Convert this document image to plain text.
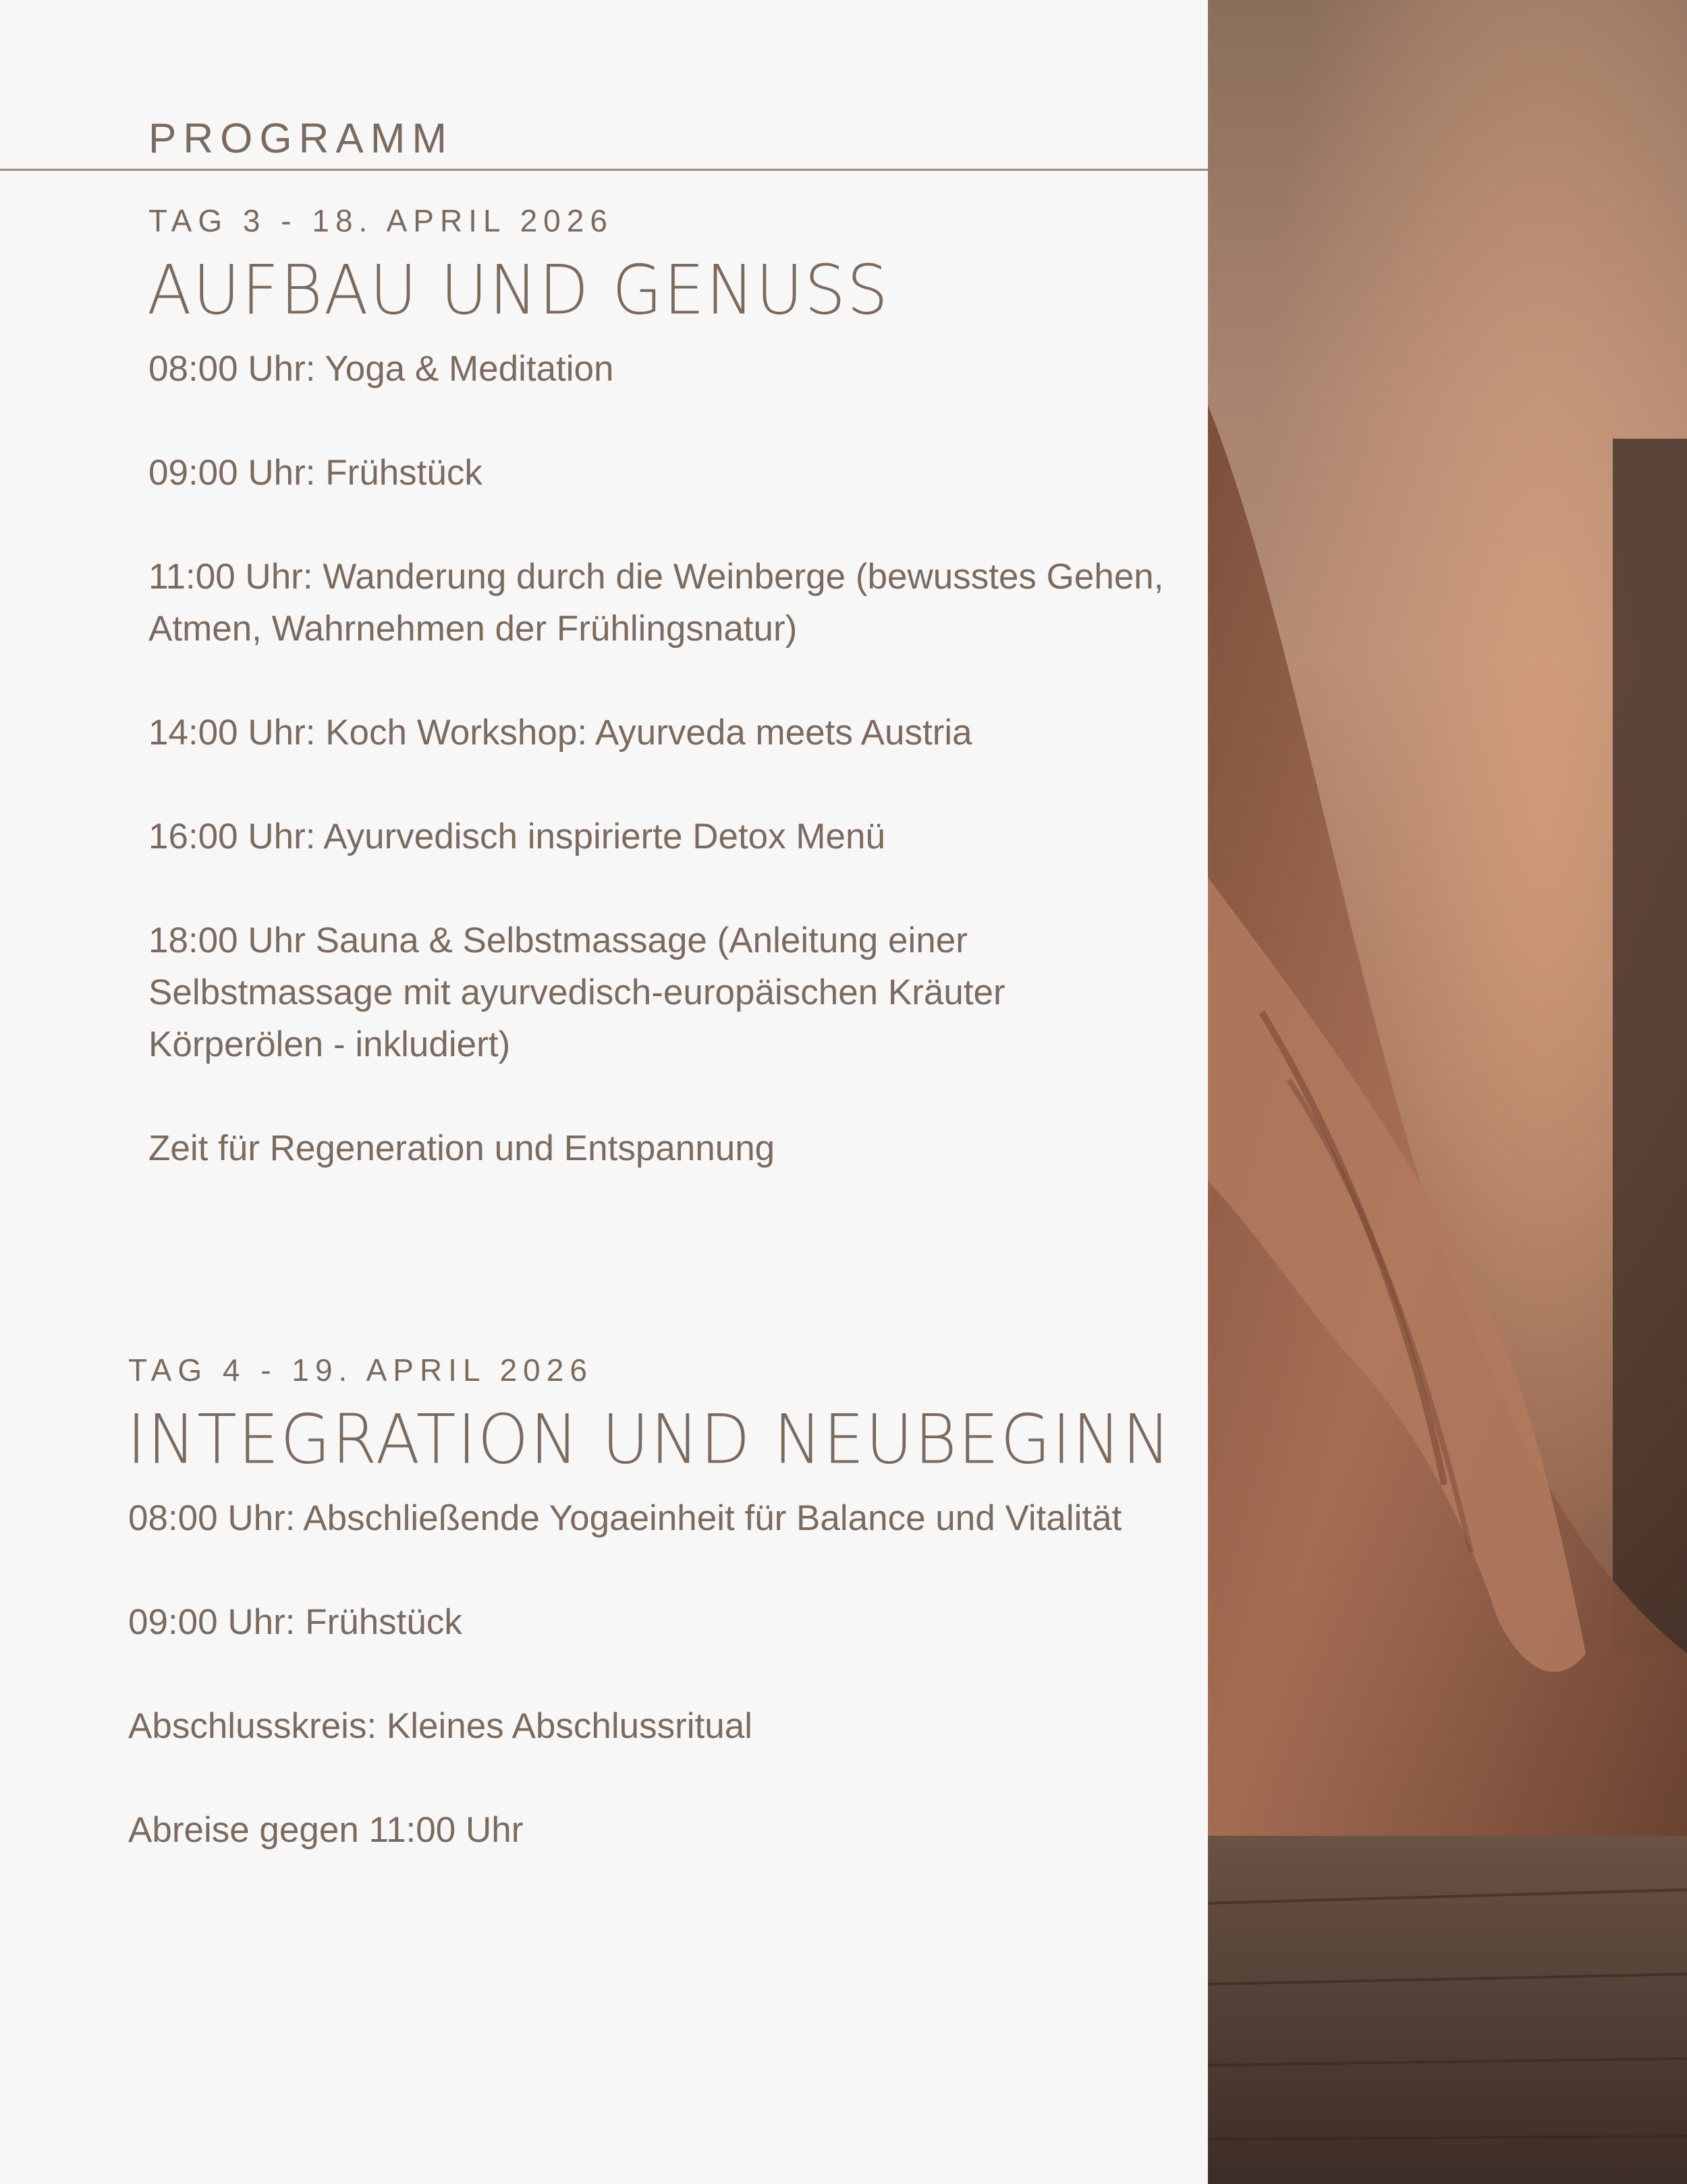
PROGRAMM
TAG 3 - 18. APRIL 2026
AUFBAU UND GENUSS
08:00 Uhr: Yoga & Meditation
09:00 Uhr: Frühstück
11:00 Uhr: Wanderung durch die Weinberge (bewusstes Gehen, Atmen, Wahrnehmen der Frühlingsnatur)
14:00 Uhr: Koch Workshop: Ayurveda meets Austria
16:00 Uhr: Ayurvedisch inspirierte Detox Menü
18:00 Uhr Sauna & Selbstmassage (Anleitung einer Selbstmassage mit ayurvedisch-europäischen Kräuter Körperölen - inkludiert)
Zeit für Regeneration und Entspannung
TAG 4 - 19. APRIL 2026
INTEGRATION UND NEUBEGINN
08:00 Uhr: Abschließende Yogaeinheit für Balance und Vitalität
09:00 Uhr: Frühstück
Abschlusskreis: Kleines Abschlussritual
Abreise gegen 11:00 Uhr
